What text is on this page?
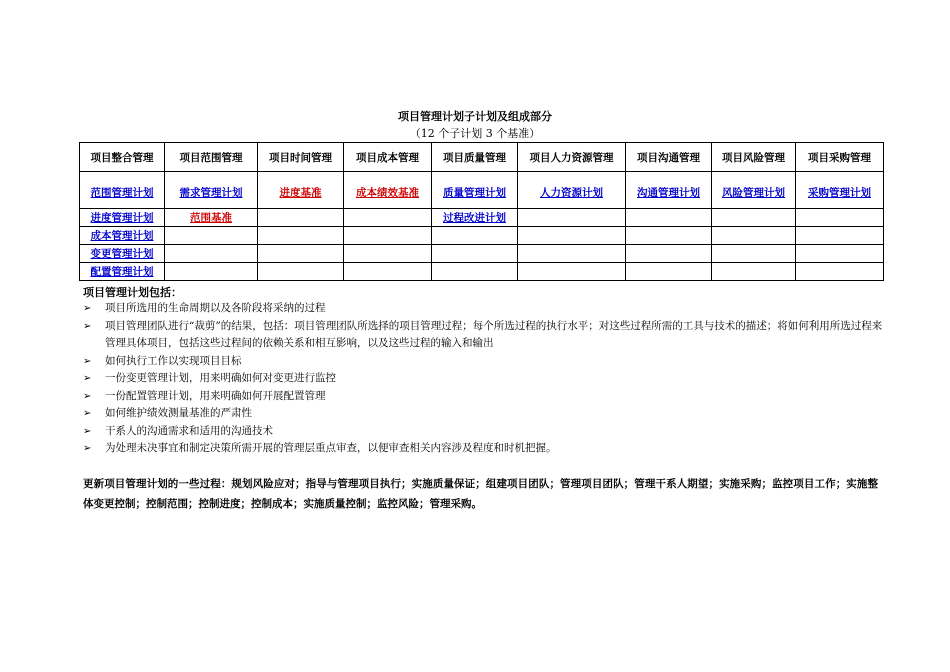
项目管理计划子计划及组成部分
（12 个子计划 3 个基准）
项目整合管理	项目范围管理	项目时间管理	项目成本管理	项目质量管理	项目人力资源管理	项目沟通管理	项目风险管理	项目采购管理
范围管理计划	需求管理计划	进度基准	成本绩效基准	质量管理计划	人力资源计划	沟通管理计划	风险管理计划	采购管理计划
进度管理计划	范围基准			过程改进计划				
成本管理计划								
变更管理计划								
配置管理计划								
项目管理计划包括：
➢ 项目所选用的生命周期以及各阶段将采纳的过程
➢ 项目管理团队进行“裁剪”的结果，包括：项目管理团队所选择的项目管理过程；每个所选过程的执行水平；对这些过程所需的工具与技术的描述；将如何利用所选过程来管理具体项目，包括这些过程间的依赖关系和相互影响，以及这些过程的输入和输出
➢ 如何执行工作以实现项目目标
➢ 一份变更管理计划，用来明确如何对变更进行监控
➢ 一份配置管理计划，用来明确如何开展配置管理
➢ 如何维护绩效测量基准的严肃性
➢ 干系人的沟通需求和适用的沟通技术
➢ 为处理未决事宜和制定决策所需开展的管理层重点审查，以便审查相关内容涉及程度和时机把握。
更新项目管理计划的一些过程：规划风险应对；指导与管理项目执行；实施质量保证；组建项目团队；管理项目团队；管理干系人期望；实施采购；监控项目工作；实施整体变更控制；控制范围；控制进度；控制成本；实施质量控制；监控风险；管理采购。
